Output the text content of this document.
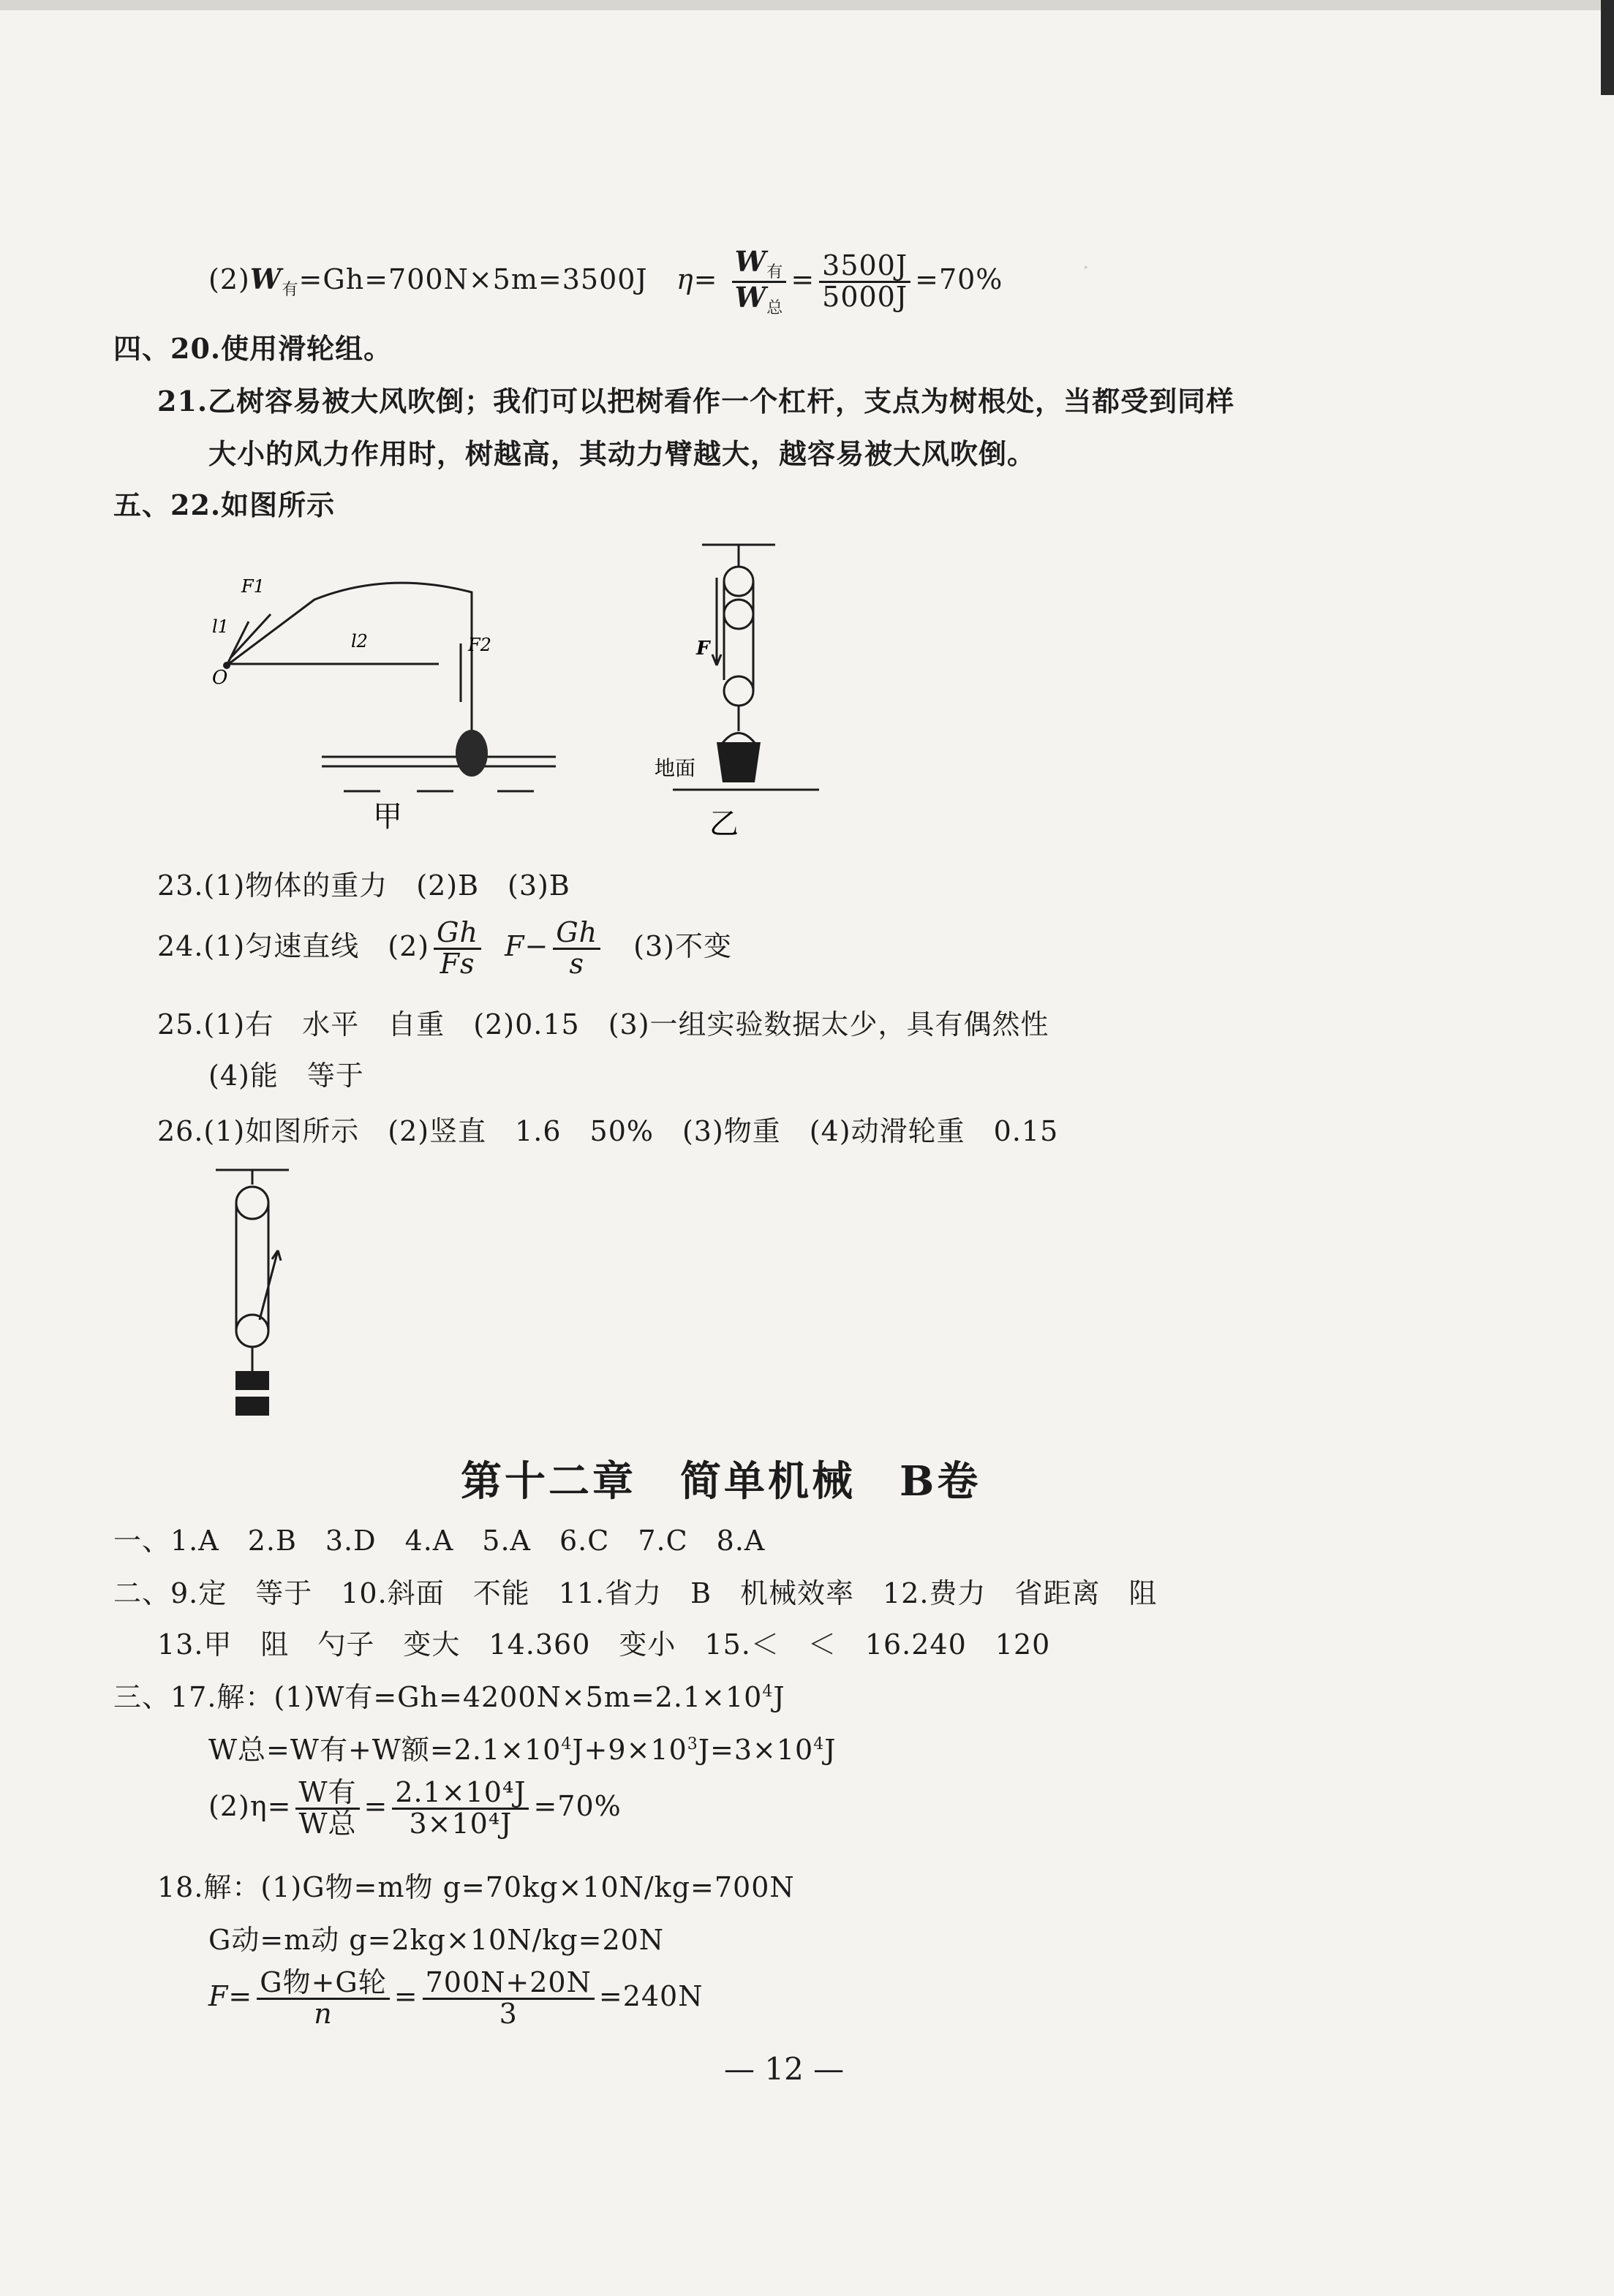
.
$(2)W_有=Gh=700N\times 5m=3500J$ $\eta= \frac{W_有}{W_总} = \frac{3500J}{5000J} =70\%$
四、20.使用滑轮组。
21.乙树容易被大风吹倒；我们可以把树看作一个杠杆，支点为树根处，当都受到同样
大小的风力作用时，树越高，其动力臂越大，越容易被大风吹倒。
五、22.如图所示
F1
l1
l2	F2
O
甲
F
地面
乙
23.(1)物体的重力　(2)B　(3)B
24.(1)匀速直线　$(2) \frac{Gh}{Fs} F- \frac{Gh}{s}$ 　(3)不变
25.(1)右　水平　自重　(2)0.15　(3)一组实验数据太少，具有偶然性
(4)能　等于
26.(1)如图所示　(2)竖直　1.6　50%　(3)物重　(4)动滑轮重　0.15
第十二章　简单机械　B卷
一、1.A　2.B　3.D　4.A　5.A　6.C　7.C　8.A
二、9.定　等于　10.斜面　不能　11.省力　B　机械效率　12.费力　省距离　阻
13.甲　阻　勺子　变大　14.360　变小　15.＜　＜　16.240　120
三、17.解：(1)W有$=Gh=4200N\times 5m=2.1\times 10^4J$
W总=W有+W额$=2.1\times 10^4J+9\times 10^3J=3\times 10^4J$
$(2)\eta= \frac{\text{W有}}{\text{W总}} = \frac{\text{2.1×10⁴J}}{\text{3×10⁴J}} =70\%$
18.解：(1)G物=m物 g=70kg×10N/kg=700N
G动=m动 g=2kg×10N/kg=20N
$F= \frac{\text{G物+G轮}}{n} = \frac{700N+20N}{3} =240N$
— 12 —
